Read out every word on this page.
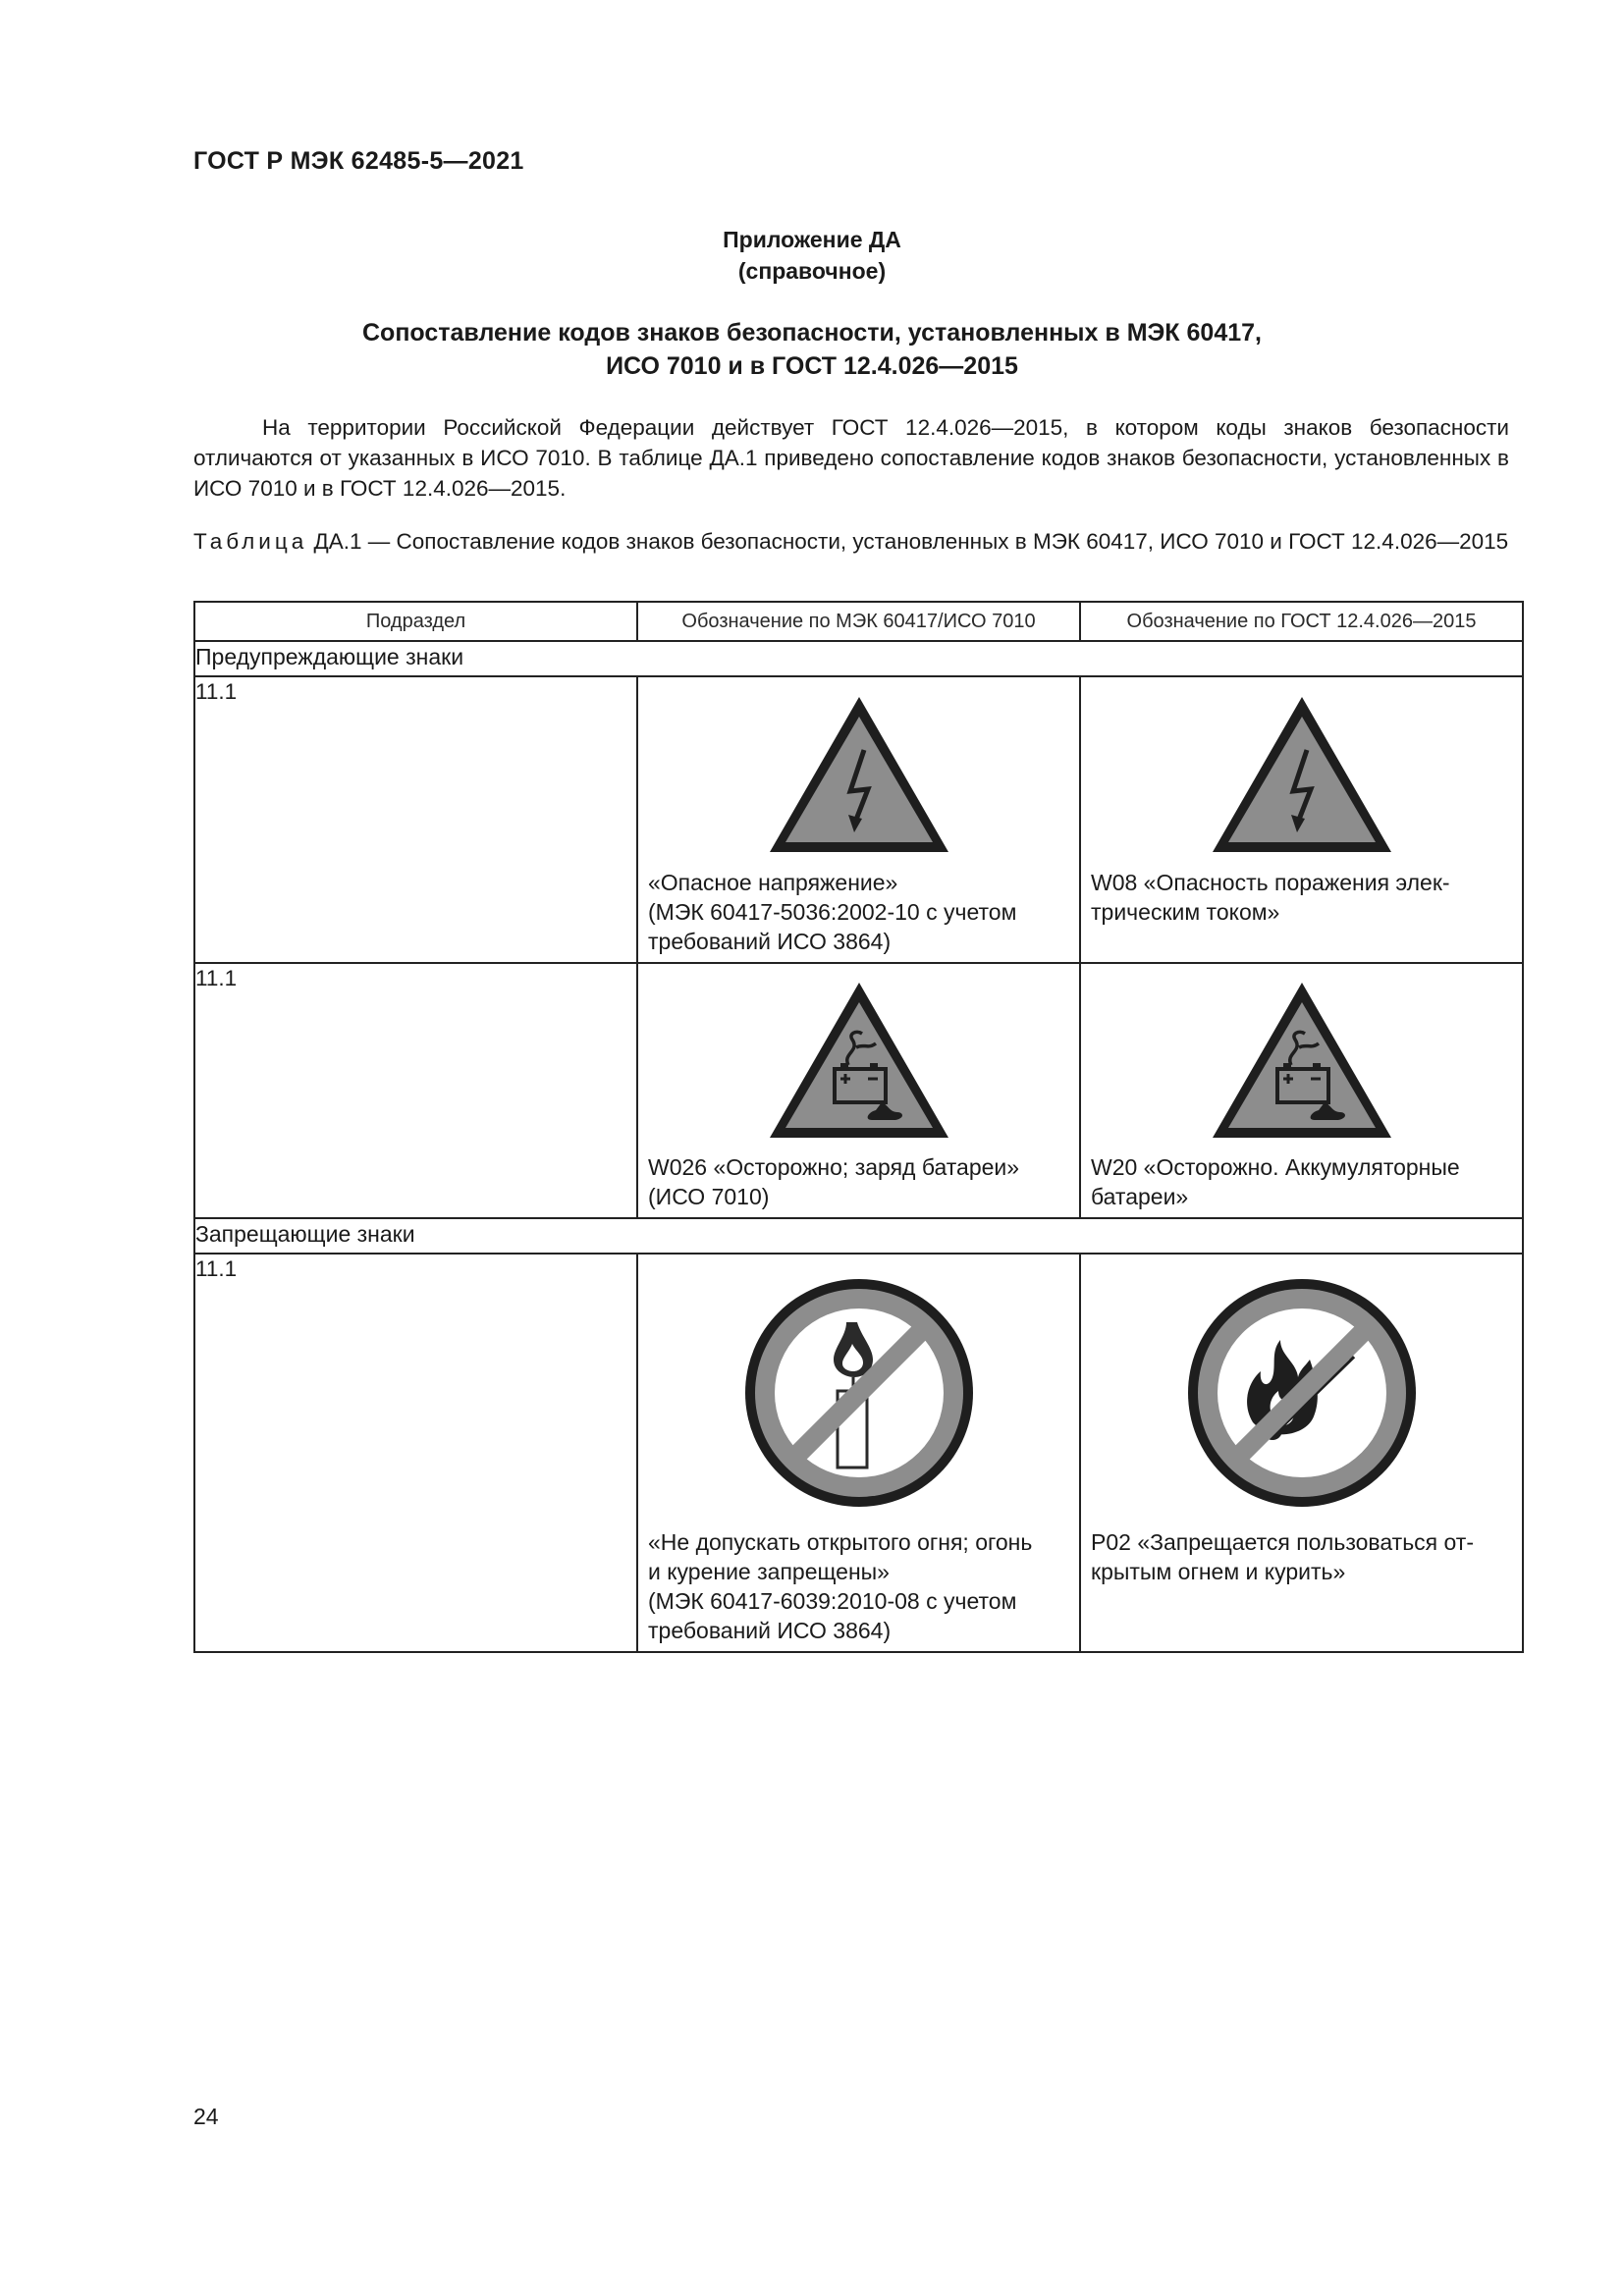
ГОСТ Р МЭК 62485-5—2021
Приложение ДА
(справочное)
Сопоставление кодов знаков безопасности, установленных в МЭК 60417,
ИСО 7010 и в ГОСТ 12.4.026—2015

На территории Российской Федерации действует ГОСТ 12.4.026—2015, в котором коды знаков безопасности отличаются от указанных в ИСО 7010. В таблице ДА.1 приведено сопоставление кодов знаков безопасности, установленных в ИСО 7010 и в ГОСТ 12.4.026—2015.

Таблица ДА.1 — Сопоставление кодов знаков безопасности, установленных в МЭК 60417, ИСО 7010 и ГОСТ 12.4.026—2015

Подраздел	Обозначение по МЭК 60417/ИСО 7010	Обозначение по ГОСТ 12.4.026—2015
Предупреждающие знаки		
11.1	«Опасное напряжение»
(МЭК 60417-5036:2002-10 с учетом
требований ИСО 3864)	W08 «Опасность поражения элек-
трическим током»

11.1	W026 «Осторожно; заряд батареи»
(ИСО 7010)	W20 «Осторожно. Аккумуляторные
батареи»

Запрещающие знаки		
11.1	«Не допускать открытого огня; огонь
и курение запрещены»
(МЭК 60417-6039:2010-08 с учетом
требований ИСО 3864)	P02 «Запрещается пользоваться от-
крытым огнем и курить»
24
